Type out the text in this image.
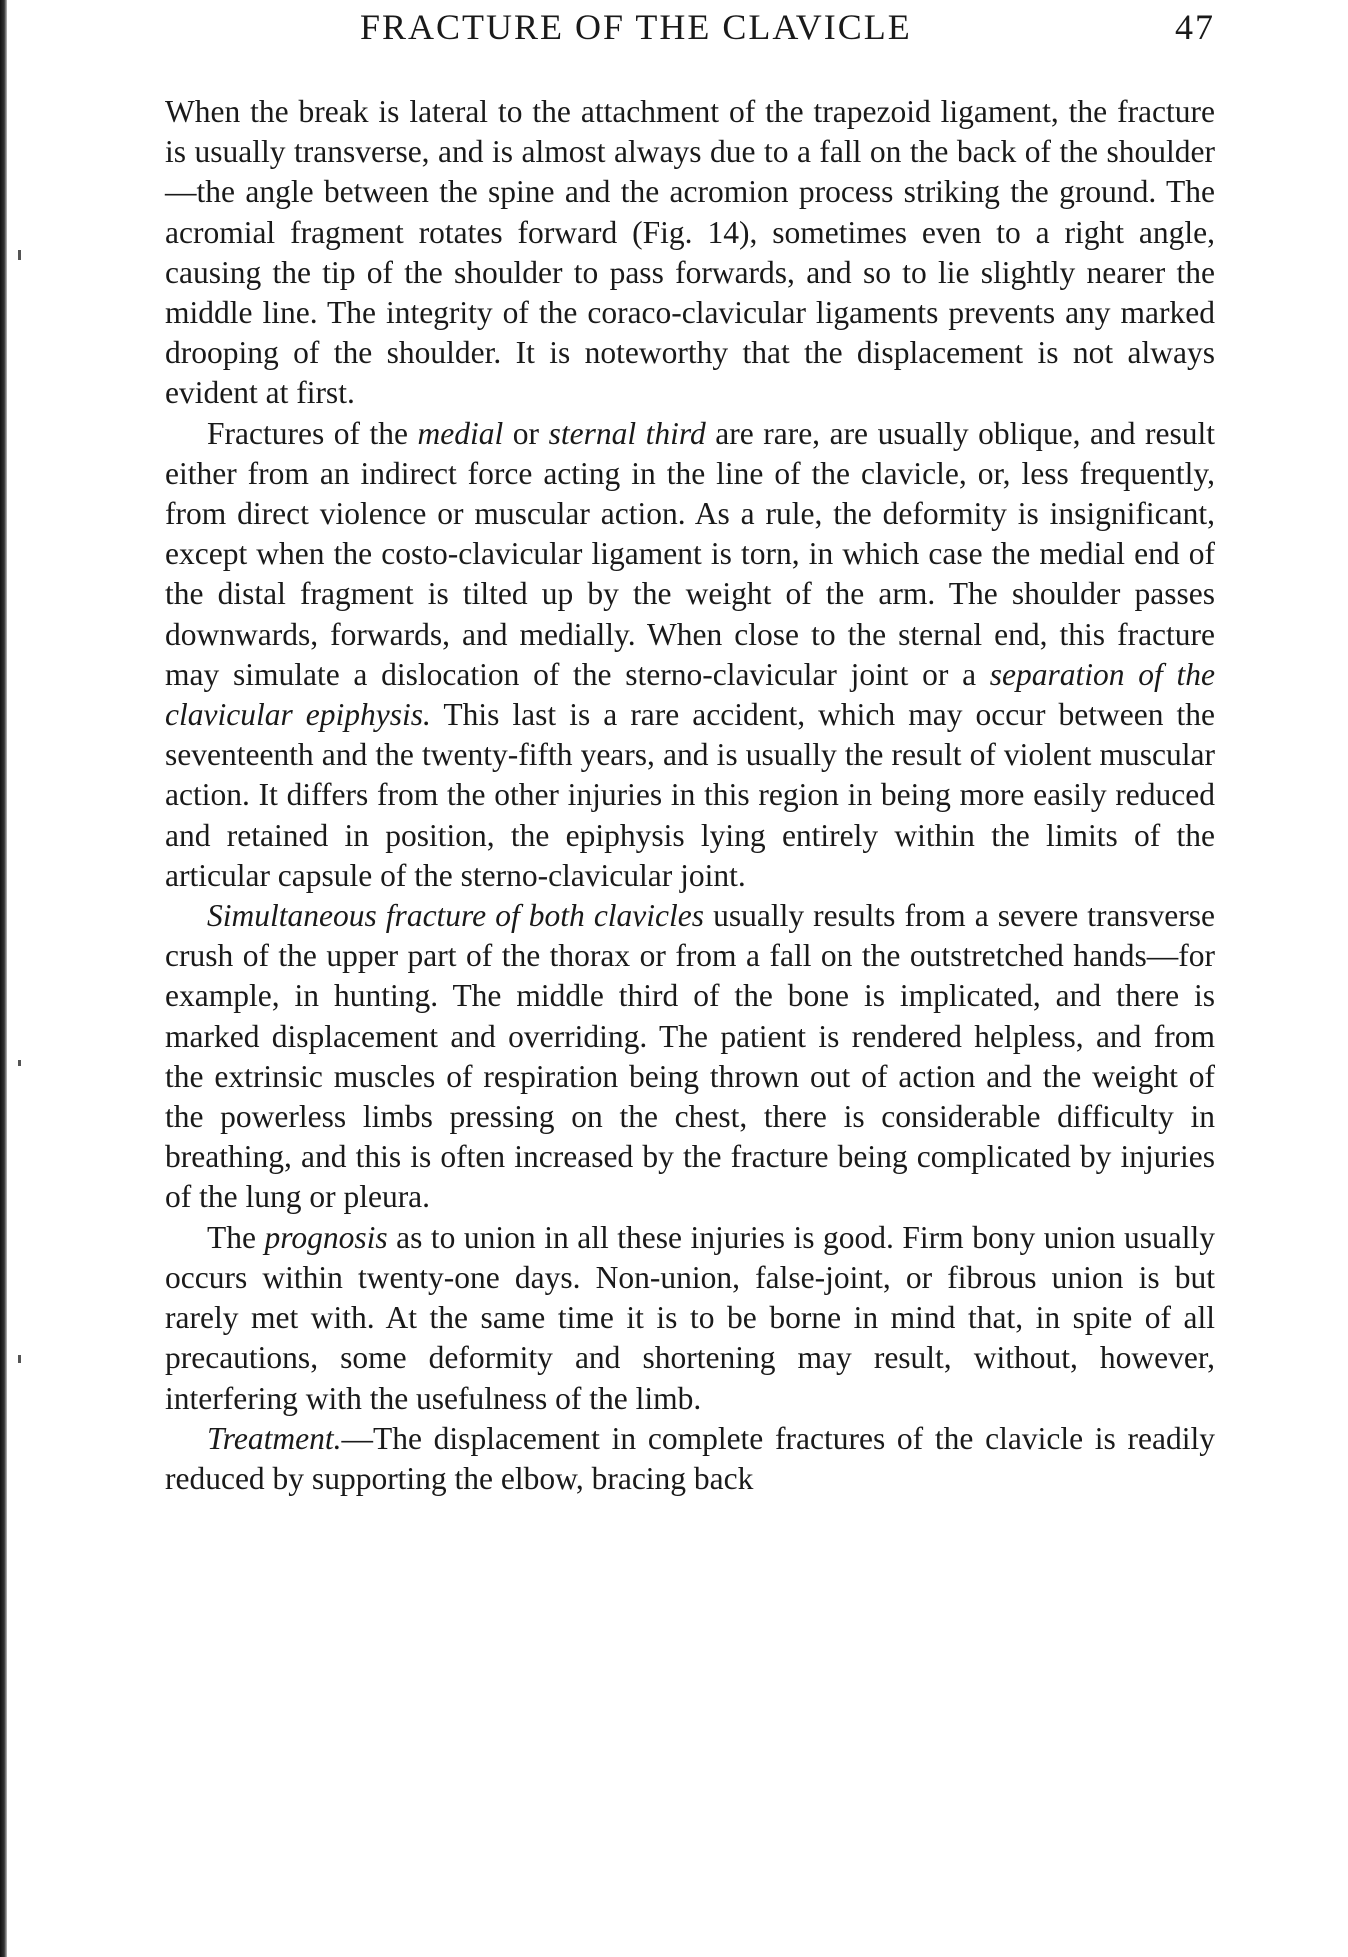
FRACTURE OF THE CLAVICLE	47

When the break is lateral to the attachment of the trapezoid ligament, the fracture is usually transverse, and is almost always due to a fall on the back of the shoulder—the angle between the spine and the acromion process striking the ground. The acromial fragment rotates forward (Fig. 14), sometimes even to a right angle, causing the tip of the shoulder to pass forwards, and so to lie slightly nearer the middle line. The integrity of the coraco-clavicular ligaments prevents any marked drooping of the shoulder. It is noteworthy that the displacement is not always evident at first.

Fractures of the medial or sternal third are rare, are usually oblique, and result either from an indirect force acting in the line of the clavicle, or, less frequently, from direct violence or muscular action. As a rule, the deformity is insignificant, except when the costo-clavicular ligament is torn, in which case the medial end of the distal fragment is tilted up by the weight of the arm. The shoulder passes downwards, forwards, and medially. When close to the sternal end, this fracture may simulate a dislocation of the sterno-clavicular joint or a separation of the clavicular epiphysis. This last is a rare accident, which may occur between the seventeenth and the twenty-fifth years, and is usually the result of violent muscular action. It differs from the other injuries in this region in being more easily reduced and retained in position, the epiphysis lying entirely within the limits of the articular capsule of the sterno-clavicular joint.

Simultaneous fracture of both clavicles usually results from a severe transverse crush of the upper part of the thorax or from a fall on the outstretched hands—for example, in hunting. The middle third of the bone is implicated, and there is marked displacement and overriding. The patient is rendered helpless, and from the extrinsic muscles of respiration being thrown out of action and the weight of the powerless limbs pressing on the chest, there is considerable difficulty in breathing, and this is often increased by the fracture being complicated by injuries of the lung or pleura.

The prognosis as to union in all these injuries is good. Firm bony union usually occurs within twenty-one days. Non-union, false-joint, or fibrous union is but rarely met with. At the same time it is to be borne in mind that, in spite of all precautions, some deformity and shortening may result, without, however, interfering with the usefulness of the limb.

Treatment.—The displacement in complete fractures of the clavicle is readily reduced by supporting the elbow, bracing back
